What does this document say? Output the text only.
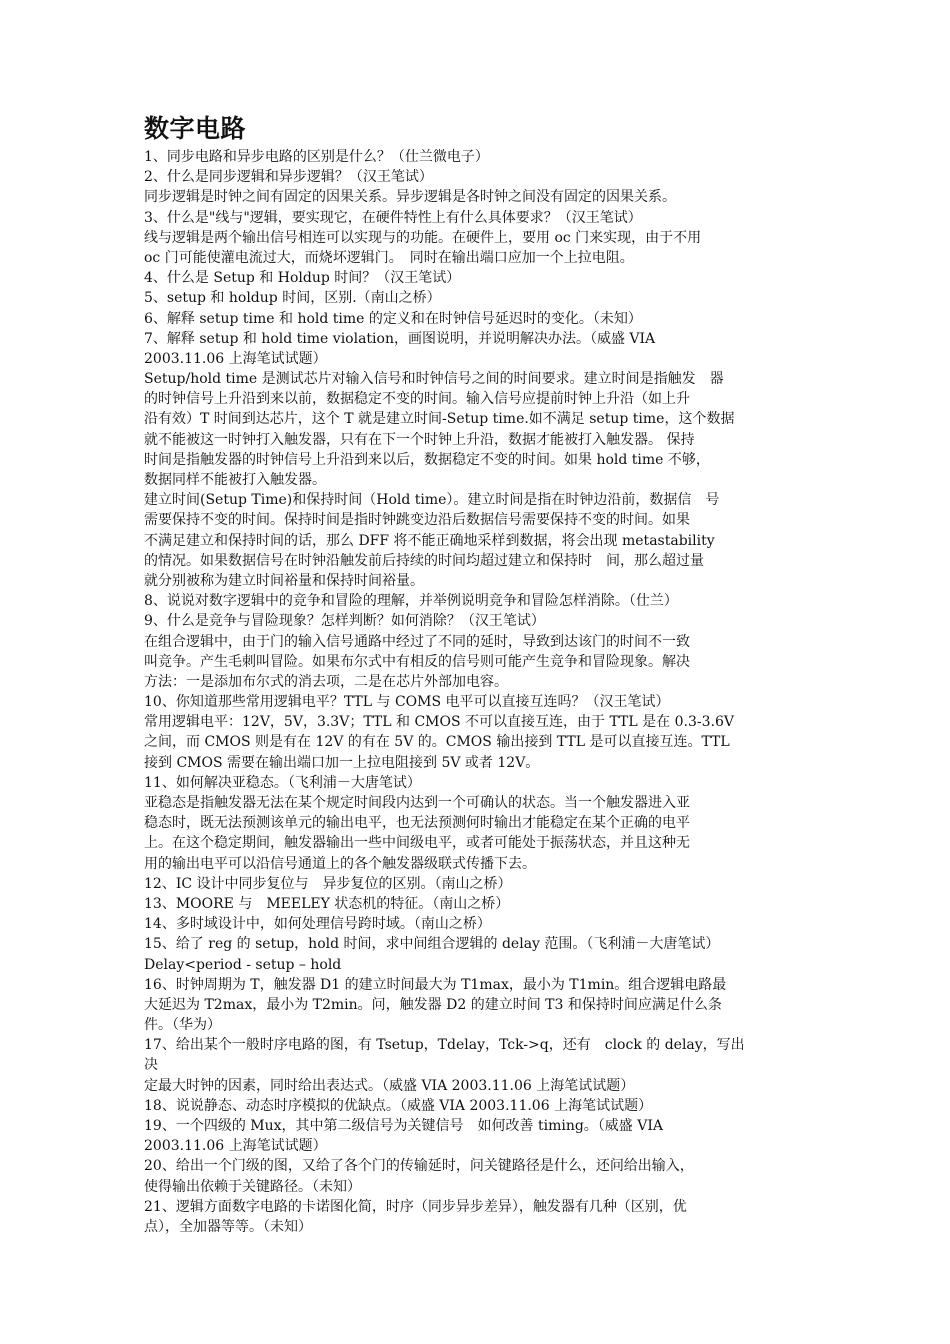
数字电路
1、同步电路和异步电路的区别是什么？（仕兰微电子）
2、什么是同步逻辑和异步逻辑？（汉王笔试）
同步逻辑是时钟之间有固定的因果关系。异步逻辑是各时钟之间没有固定的因果关系。
3、什么是"线与"逻辑，要实现它，在硬件特性上有什么具体要求？（汉王笔试）
线与逻辑是两个输出信号相连可以实现与的功能。在硬件上，要用 oc 门来实现，由于不用
oc 门可能使灌电流过大，而烧坏逻辑门。　同时在输出端口应加一个上拉电阻。
4、什么是 Setup 和 Holdup 时间？（汉王笔试）
5、setup 和 holdup 时间，区别.（南山之桥）
6、解释 setup time 和 hold time 的定义和在时钟信号延迟时的变化。（未知）
7、解释 setup 和 hold time violation，画图说明，并说明解决办法。（威盛 VIA
2003.11.06 上海笔试试题）
Setup/hold time 是测试芯片对输入信号和时钟信号之间的时间要求。建立时间是指触发　器
的时钟信号上升沿到来以前，数据稳定不变的时间。输入信号应提前时钟上升沿（如上升
沿有效）T 时间到达芯片，这个 T 就是建立时间-Setup time.如不满足 setup time，这个数据
就不能被这一时钟打入触发器，只有在下一个时钟上升沿，数据才能被打入触发器。 保持
时间是指触发器的时钟信号上升沿到来以后，数据稳定不变的时间。如果 hold time 不够，
数据同样不能被打入触发器。
建立时间(Setup Time)和保持时间（Hold time）。建立时间是指在时钟边沿前，数据信　号
需要保持不变的时间。保持时间是指时钟跳变边沿后数据信号需要保持不变的时间。如果
不满足建立和保持时间的话，那么 DFF 将不能正确地采样到数据，将会出现 metastability
的情况。如果数据信号在时钟沿触发前后持续的时间均超过建立和保持时　间，那么超过量
就分别被称为建立时间裕量和保持时间裕量。
8、说说对数字逻辑中的竞争和冒险的理解，并举例说明竞争和冒险怎样消除。（仕兰）
9、什么是竞争与冒险现象？怎样判断？如何消除？（汉王笔试）
在组合逻辑中，由于门的输入信号通路中经过了不同的延时，导致到达该门的时间不一致
叫竞争。产生毛刺叫冒险。如果布尔式中有相反的信号则可能产生竞争和冒险现象。解决
方法：一是添加布尔式的消去项，二是在芯片外部加电容。
10、你知道那些常用逻辑电平？TTL 与 COMS 电平可以直接互连吗？（汉王笔试）
常用逻辑电平：12V，5V，3.3V；TTL 和 CMOS 不可以直接互连，由于 TTL 是在 0.3-3.6V
之间，而 CMOS 则是有在 12V 的有在 5V 的。CMOS 输出接到 TTL 是可以直接互连。TTL
接到 CMOS 需要在输出端口加一上拉电阻接到 5V 或者 12V。
11、如何解决亚稳态。（飞利浦－大唐笔试）
亚稳态是指触发器无法在某个规定时间段内达到一个可确认的状态。当一个触发器进入亚
稳态时，既无法预测该单元的输出电平，也无法预测何时输出才能稳定在某个正确的电平
上。在这个稳定期间，触发器输出一些中间级电平，或者可能处于振荡状态，并且这种无
用的输出电平可以沿信号通道上的各个触发器级联式传播下去。
12、IC 设计中同步复位与　异步复位的区别。（南山之桥）
13、MOORE 与　MEELEY 状态机的特征。（南山之桥）
14、多时域设计中，如何处理信号跨时域。（南山之桥）
15、给了 reg 的 setup，hold 时间，求中间组合逻辑的 delay 范围。（飞利浦－大唐笔试）
Delay<period - setup – hold
16、时钟周期为 T，触发器 D1 的建立时间最大为 T1max，最小为 T1min。组合逻辑电路最
大延迟为 T2max，最小为 T2min。问，触发器 D2 的建立时间 T3 和保持时间应满足什么条
件。（华为）
17、给出某个一般时序电路的图，有 Tsetup，Tdelay，Tck->q，还有　clock 的 delay，写出
决
定最大时钟的因素，同时给出表达式。（威盛 VIA 2003.11.06 上海笔试试题）
18、说说静态、动态时序模拟的优缺点。（威盛 VIA 2003.11.06 上海笔试试题）
19、一个四级的 Mux，其中第二级信号为关键信号　如何改善 timing。（威盛 VIA
2003.11.06 上海笔试试题）
20、给出一个门级的图，又给了各个门的传输延时，问关键路径是什么，还问给出输入，
使得输出依赖于关键路径。（未知）
21、逻辑方面数字电路的卡诺图化简，时序（同步异步差异），触发器有几种（区别，优
点），全加器等等。（未知）
